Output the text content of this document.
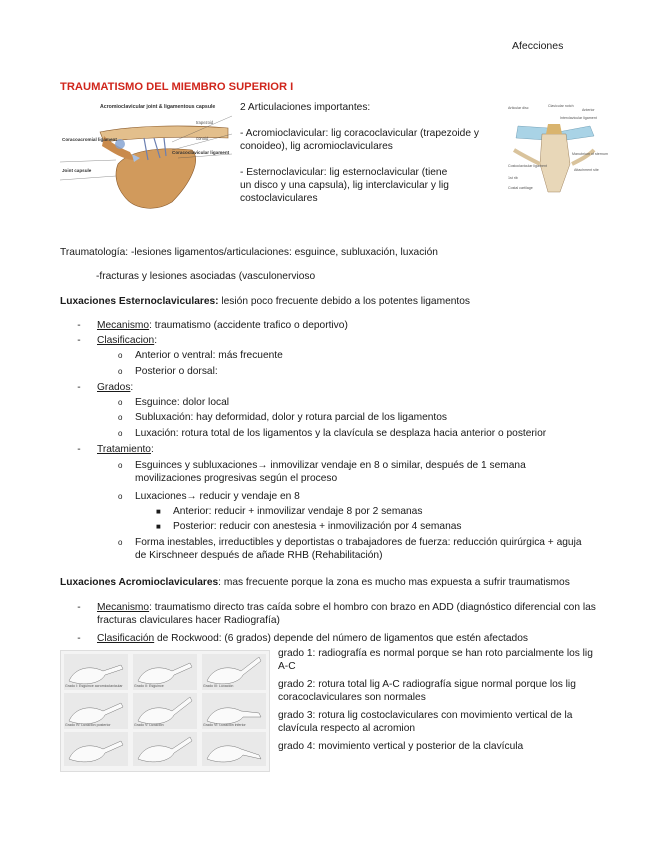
Afecciones
TRAUMATISMO DEL MIEMBRO SUPERIOR I
Acromioclavicular joint & ligamentous capsule
trapezoid
conoid
Coracoacromial ligament
Coracoclavicular ligament
Joint capsule
2 Articulaciones importantes:
- Acromioclavicular: lig coracoclavicular (trapezoide y conoideo), lig acromioclaviculares
- Esternoclavicular: lig esternoclavicular (tiene un disco y una capsula), lig interclavicular y lig costoclaviculares
Articular disc	Clavicular notch
Anterior
Interclavicular ligament
Costoclavicular ligament
Manubrium of sternum
Attachment site
1st rib
Costal cartilage
Traumatología: -lesiones ligamentos/articulaciones: esguince, subluxación, luxación
-fracturas y lesiones asociadas (vasculonervioso
Luxaciones Esternoclaviculares: lesión poco frecuente debido a los potentes ligamentos
-	Mecanismo: traumatismo (accidente trafico o deportivo)
-	Clasificacion:
o Anterior o ventral: más frecuente
o Posterior o dorsal:
-	Grados:
o Esguince: dolor local
o Subluxación: hay deformidad, dolor y rotura parcial de los ligamentos
o Luxación: rotura total de los ligamentos y la clavícula se desplaza hacia anterior o posterior
-	Tratamiento:
o Esguinces y subluxaciones→ inmovilizar vendaje en 8 o similar, después de 1 semana movilizaciones progresivas según el proceso
o Luxaciones→ reducir y vendaje en 8
■ Anterior: reducir + inmovilizar vendaje 8 por 2 semanas
■ Posterior: reducir con anestesia + inmovilización por 4 semanas
o Forma inestables, irreductibles y deportistas o trabajadores de fuerza: reducción quirúrgica + aguja de Kirschneer después de añade RHB (Rehabilitación)
Luxaciones Acromioclaviculares: mas frecuente porque la zona es mucho mas expuesta a sufrir traumatismos
-	Mecanismo: traumatismo directo tras caída sobre el hombro con brazo en ADD (diagnóstico diferencial con las fracturas claviculares hacer Radiografía)
-	Clasificación de Rockwood: (6 grados) depende del número de ligamentos que estén afectados
Grado I: Esguince acromioclavicular	Grado II: Esguince	Grado III: Luxación
Grado IV: Luxación posterior	Grado V: Luxación	Grado VI: Luxación inferior
grado 1: radiografía es normal porque se han roto parcialmente los lig A-C
grado 2: rotura total lig A-C radiografía sigue normal porque los lig coracoclaviculares son normales
grado 3: rotura lig costoclaviculares con movimiento vertical de la clavícula respecto al acromion
grado 4: movimiento vertical y posterior de la clavícula
